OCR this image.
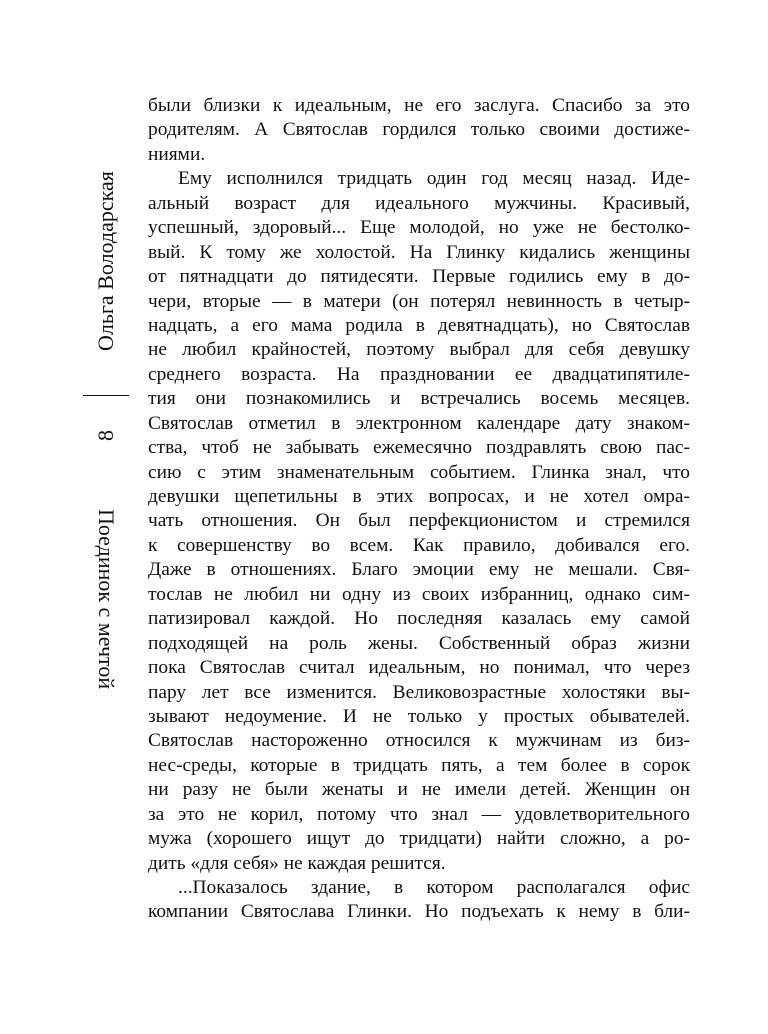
Ольга Володарская
8
Поединок с мечтой
были близки к идеальным, не его заслуга. Спасибо за это
родителям. А Святослав гордился только своими достиже-
ниями.
Ему исполнился тридцать один год месяц назад. Иде-
альный возраст для идеального мужчины. Красивый,
успешный, здоровый... Еще молодой, но уже не бестолко-
вый. К тому же холостой. На Глинку кидались женщины
от пятнадцати до пятидесяти. Первые годились ему в до-
чери, вторые — в матери (он потерял невинность в четыр-
надцать, а его мама родила в девятнадцать), но Святослав
не любил крайностей, поэтому выбрал для себя девушку
среднего возраста. На праздновании ее двадцатипятиле-
тия они познакомились и встречались восемь месяцев.
Святослав отметил в электронном календаре дату знаком-
ства, чтоб не забывать ежемесячно поздравлять свою пас-
сию с этим знаменательным событием. Глинка знал, что
девушки щепетильны в этих вопросах, и не хотел омра-
чать отношения. Он был перфекционистом и стремился
к совершенству во всем. Как правило, добивался его.
Даже в отношениях. Благо эмоции ему не мешали. Свя-
тослав не любил ни одну из своих избранниц, однако сим-
патизировал каждой. Но последняя казалась ему самой
подходящей на роль жены. Собственный образ жизни
пока Святослав считал идеальным, но понимал, что через
пару лет все изменится. Великовозрастные холостяки вы-
зывают недоумение. И не только у простых обывателей.
Святослав настороженно относился к мужчинам из биз-
нес-среды, которые в тридцать пять, а тем более в сорок
ни разу не были женаты и не имели детей. Женщин он
за это не корил, потому что знал — удовлетворительного
мужа (хорошего ищут до тридцати) найти сложно, а ро-
дить «для себя» не каждая решится.
...Показалось здание, в котором располагался офис
компании Святослава Глинки. Но подъехать к нему в бли-
